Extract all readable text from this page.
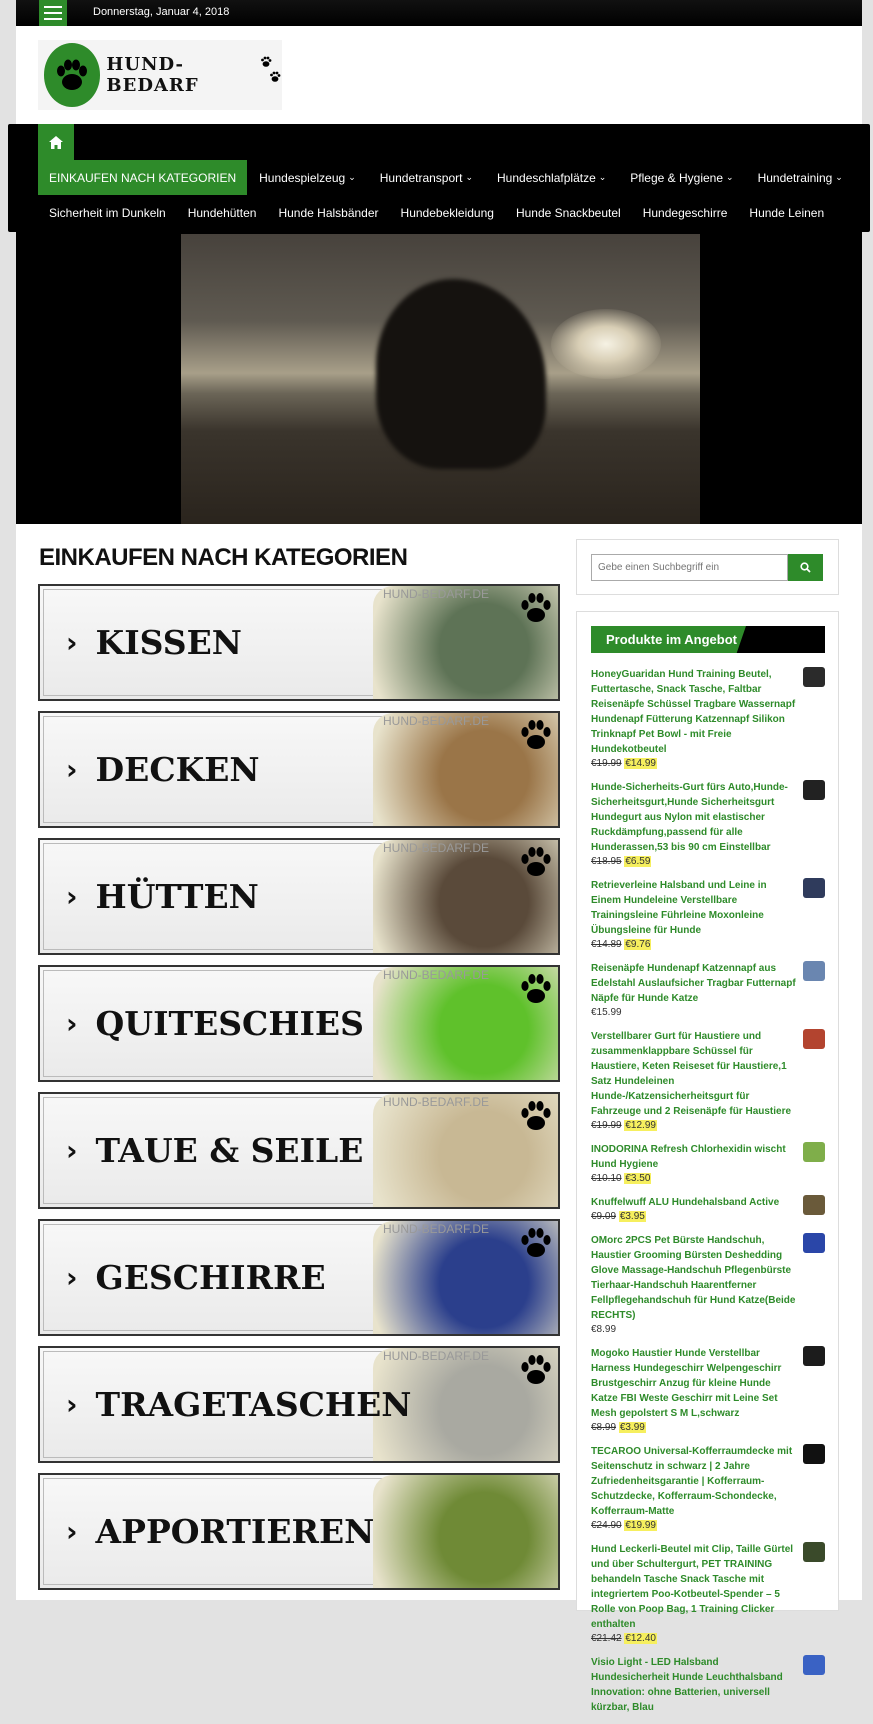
Donnerstag, Januar 4, 2018
HUND-BEDARF
EINKAUFEN NACH KATEGORIEN Hundespielzeug ⌄ Hundetransport ⌄ Hundeschlafplätze ⌄ Pflege & Hygiene ⌄ Hundetraining ⌄
Sicherheit im Dunkeln	Hundehütten	Hunde Halsbänder	Hundebekleidung	Hunde Snackbeutel	Hundegeschirre	Hunde Leinen
EINKAUFEN NACH KATEGORIEN
HUND-BEDARF.DE
› KISSEN
HUND-BEDARF.DE
› DECKEN
HUND-BEDARF.DE
› HÜTTEN
HUND-BEDARF.DE
› QUITESCHIES
HUND-BEDARF.DE
› TAUE & SEILE
HUND-BEDARF.DE
› GESCHIRRE
HUND-BEDARF.DE
› TRAGETASCHEN
› APPORTIEREN
Gebe einen Suchbegriff ein
Produkte im Angebot
HoneyGuaridan Hund Training Beutel, Futtertasche, Snack Tasche, Faltbar Reisenäpfe Schüssel Tragbare Wassernapf Hundenapf Fütterung Katzennapf Silikon Trinknapf Pet Bowl - mit Freie Hundekotbeutel
€19.99 €14.99
Hunde-Sicherheits-Gurt fürs Auto,Hunde-Sicherheitsgurt,Hunde Sicherheitsgurt Hundegurt aus Nylon mit elastischer Ruckdämpfung,passend für alle Hunderassen,53 bis 90 cm Einstellbar
€18.95 €6.59
Retrieverleine Halsband und Leine in Einem Hundeleine Verstellbare Trainingsleine Führleine Moxonleine Übungsleine für Hunde
€14.89 €9.76
Reisenäpfe Hundenapf Katzennapf aus Edelstahl Auslaufsicher Tragbar Futternapf Näpfe für Hunde Katze
€15.99
Verstellbarer Gurt für Haustiere und zusammenklappbare Schüssel für Haustiere, Keten Reiseset für Haustiere,1 Satz Hundeleinen Hunde-/Katzensicherheitsgurt für Fahrzeuge und 2 Reisenäpfe für Haustiere
€19.99 €12.99
INODORINA Refresh Chlorhexidin wischt Hund Hygiene
€10.10 €3.50
Knuffelwuff ALU Hundehalsband Active
€9.09 €3.95
OMorc 2PCS Pet Bürste Handschuh, Haustier Grooming Bürsten Deshedding Glove Massage-Handschuh Pflegenbürste Tierhaar-Handschuh Haarentferner Fellpflegehandschuh für Hund Katze(Beide RECHTS)
€8.99
Mogoko Haustier Hunde Verstellbar Harness Hundegeschirr Welpengeschirr Brustgeschirr Anzug für kleine Hunde Katze FBI Weste Geschirr mit Leine Set Mesh gepolstert S M L,schwarz
€8.99 €3.99
TECAROO Universal-Kofferraumdecke mit Seitenschutz in schwarz | 2 Jahre Zufriedenheitsgarantie | Kofferraum-Schutzdecke, Kofferraum-Schondecke, Kofferraum-Matte
€24.90 €19.99
Hund Leckerli-Beutel mit Clip, Taille Gürtel und über Schultergurt, PET TRAINING behandeln Tasche Snack Tasche mit integriertem Poo-Kotbeutel-Spender – 5 Rolle von Poop Bag, 1 Training Clicker enthalten
€21.42 €12.40
Visio Light - LED Halsband Hundesicherheit Hunde Leuchthalsband Innovation: ohne Batterien, universell kürzbar, Blau
